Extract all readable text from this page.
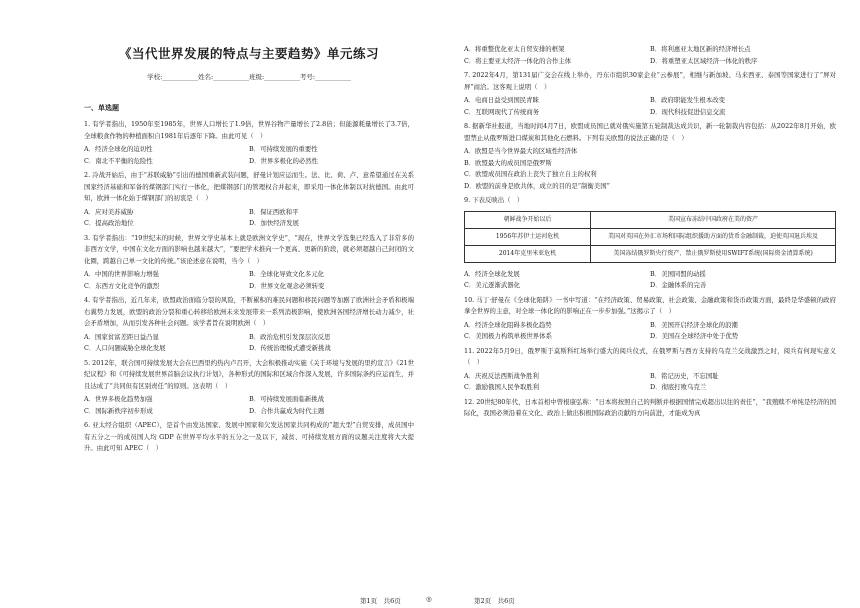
《当代世界发展的特点与主要趋势》单元练习
学校:___________姓名:___________班级:___________考号:___________
一、单选题

1. 有学者指出，1950年至1985年，世界人口增长了1.9倍，世界谷物产量增长了2.8倍；但能源耗量增长了3.7倍，全球粮食作物的种植面积自1981年后逐年下降。由此可见（　）

A．经济全球化的迫切性	B．可持续发展的重要性
C．南北不平衡的危险性	D．世界多极化的必然性

2. 冷战开始后，由于“苏联威胁”引出的德国重新武装问题，舒曼计划应运而生。法、比、荷、卢、意希望通过在关系国家经济基础和军备的煤钢部门实行一体化，把煤钢部门的管理权合并起来，即采用一体化体制以对抗德国。由此可知，欧洲一体化始于煤钢部门的初衷是（　）

A．应对美苏威胁	B．保证西欧和平
C．提高政治地位	D．加快经济发展

3. 有学者指出：“19世纪末的时候，世界文学史基本上就是欧洲文学史”，“现在，世界文学选集已经选入了非常多的非西方文学，中国在文化方面的影响也越来越大”，“要把学术推向一个更高、更新的阶段，就必须超越自己封闭的文化圈，跨越自己单一文化的传统。”该论述意在说明，当今（　）

A．中国的世界影响力增强	B．全球化导致文化多元化
C．东西方文化竞争的激烈	D．世界文化观念必须转变

4. 有学者指出，近几年来，欧盟政治面临分裂的风险，不断累积的难民问题和移民问题等加剧了欧洲社会矛盾和极端右翼势力发展，欧盟的政治分裂和重心转移给欧洲未来发展带来一系列消极影响，使欧洲各国经济增长动力减少，社会矛盾增加，从而引发各种社会问题。该学者旨在说明欧洲（　）

A．国家贫富差距日益凸显	B．政治危机引发深层次反思
C．人口问题威胁全球化发展	D．传统治理模式遭受新挑战

5. 2012年，联合国可持续发展大会在巴西里约热内卢召开，大会积极推动实施《关于环境与发展的里约宣言》《21世纪议程》和《可持续发展世界首脑会议执行计划》，各种形式的国际和区域合作深入发展，许多国际条约应运而生，并且达成了“共同但有区别责任”的原则。这表明（　）

A．世界多极化趋势加强	B．可持续发展面临新挑战
C．国际新秩序初步形成	D．合作共赢成为时代主题

6. 亚太经合组织（APEC），是首个由发达国家、发展中国家和欠发达国家共同构成的“超大型”自贸安排，成员国中有五分之一的成员国人均 GDP 在世界平均水平的五分之一及以下，减贫、可持续发展方面的议题关注度将大大提升。由此可知 APEC（　）

A．将重整优化亚太自贸安排的框架	B．将利惠亚太地区新的经济增长点
C．将主要亚太经济一体化的合作主体	D．将重塑亚太区域经济一体化的秩序

7. 2022年4月，第131届广交会在线上举办，丹东市组织30家企业“云参展”，相继与新加坡、马来西亚、泰国等国家进行了“屏对屏”商洽。这客观上说明（　）

A．电商日益受到国民青睐	B．政府职能发生根本改变
C．互联网现代了传统商务	D．现代科技促进信息交流

8. 据新华社报道，当地时间4月7日，欧盟成员国已就对俄实施第五轮制裁达成共识，新一轮制裁内容包括：从2022年8月开始，欧盟禁止从俄罗斯进口煤炭和其他化石燃料。下列有关欧盟的说法正确的是（　）

A．欧盟是当今世界最大的区域性经济体
B．欧盟最大的成员国是俄罗斯
C．欧盟成员国在政治上丧失了独立自主的权利
D．欧盟的前身是欧共体，成立的目的是“制衡美国”

9. 下表反映出（　）

朝鲜战争开始以后	美国宣布冻结中国政府在美的资产
1956年苏伊士运河危机	美国对英国在外汇市场和国际组织援助方面的货币金融制裁，迫使英国退兵埃及
2014年克里米亚危机	美国冻结俄罗斯央行资产、禁止俄罗斯使用SWIFT系统(国际资金清算系统)
A．经济全球化发展	B．美国同盟的动摇
C．美元逐渐武器化	D．金融体系的完善

10. 马丁·舒曼在《全球化陷阱》一书中写道：“在经济政策、贸易政策、社会政策、金融政策和货币政策方面，最終是华盛顿的政府拿全世界的主意，对全球一体化的的影响正在一步步加强。”这揭示了（　）

A．经济全球化阻碍多极化趋势	B．美国开启经济全球化的浪潮
C．美国极力构筑单极世界体系	D．美国在全球经济中处于优势

11. 2022年5月9日，俄罗斯于莫斯科红场举行盛大的阅兵仪式，在俄罗斯与西方支持的乌克兰交战激烈之时，阅兵有何现实意义（　）

A．庆祝反法西斯战争胜利	B．铭记历史，不忘国耻
C．激励俄国人民争取胜利	D．彻底打败乌克兰

12. 20世纪80年代，日本首相中曾根康弘称：“日本将按照自己的判断并根据国情完成超出以往的责任”，“我殖赎不单纯是经济的国际化，我国必须沿着在文化、政治上做出积极国际政治贡献的方向前进，才能成为真

第1页　共6页	◎	第2页　共6页
